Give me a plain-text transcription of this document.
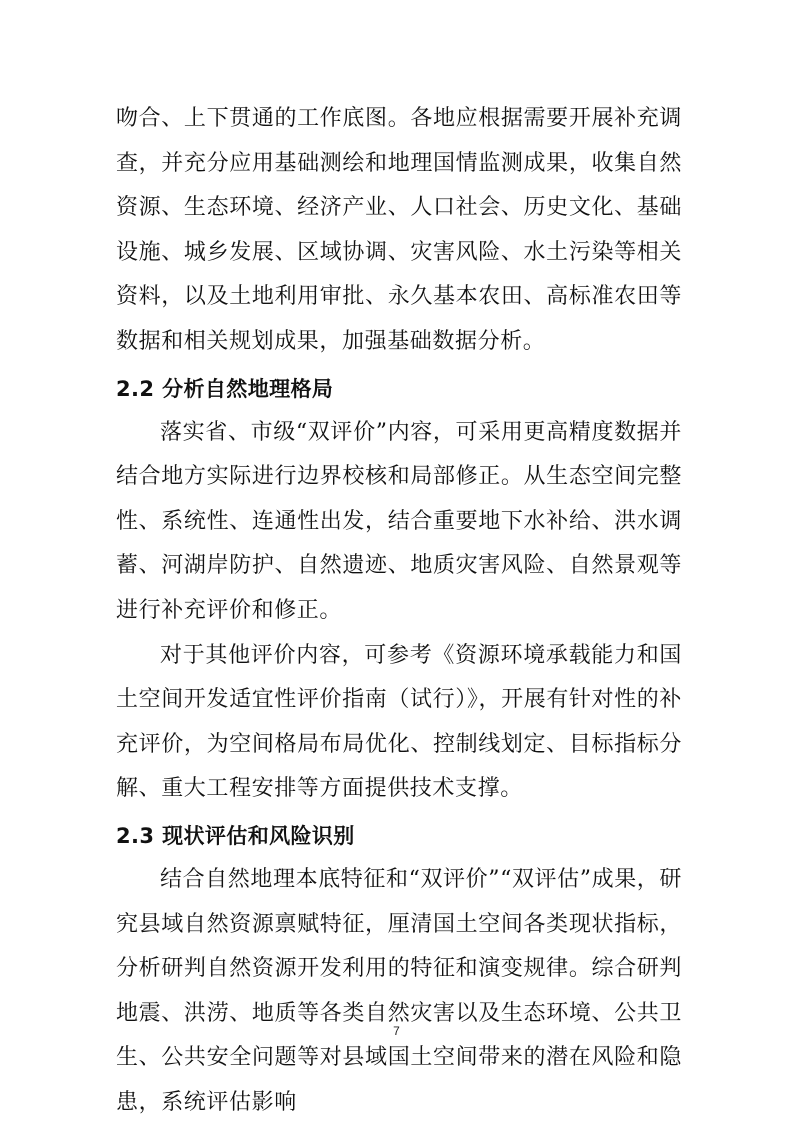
吻合、上下贯通的工作底图。各地应根据需要开展补充调查，并充分应用基础测绘和地理国情监测成果，收集自然资源、生态环境、经济产业、人口社会、历史文化、基础设施、城乡发展、区域协调、灾害风险、水土污染等相关资料，以及土地利用审批、永久基本农田、高标准农田等数据和相关规划成果，加强基础数据分析。

2.2 分析自然地理格局

落实省、市级“双评价”内容，可采用更高精度数据并结合地方实际进行边界校核和局部修正。从生态空间完整性、系统性、连通性出发，结合重要地下水补给、洪水调蓄、河湖岸防护、自然遗迹、地质灾害风险、自然景观等进行补充评价和修正。

对于其他评价内容，可参考《资源环境承载能力和国土空间开发适宜性评价指南（试行）》，开展有针对性的补充评价，为空间格局布局优化、控制线划定、目标指标分解、重大工程安排等方面提供技术支撑。

2.3 现状评估和风险识别

结合自然地理本底特征和“双评价”“双评估”成果，研究县域自然资源禀赋特征，厘清国土空间各类现状指标，分析研判自然资源开发利用的特征和演变规律。综合研判地震、洪涝、地质等各类自然灾害以及生态环境、公共卫生、公共安全问题等对县域国土空间带来的潜在风险和隐患，系统评估影响

7
